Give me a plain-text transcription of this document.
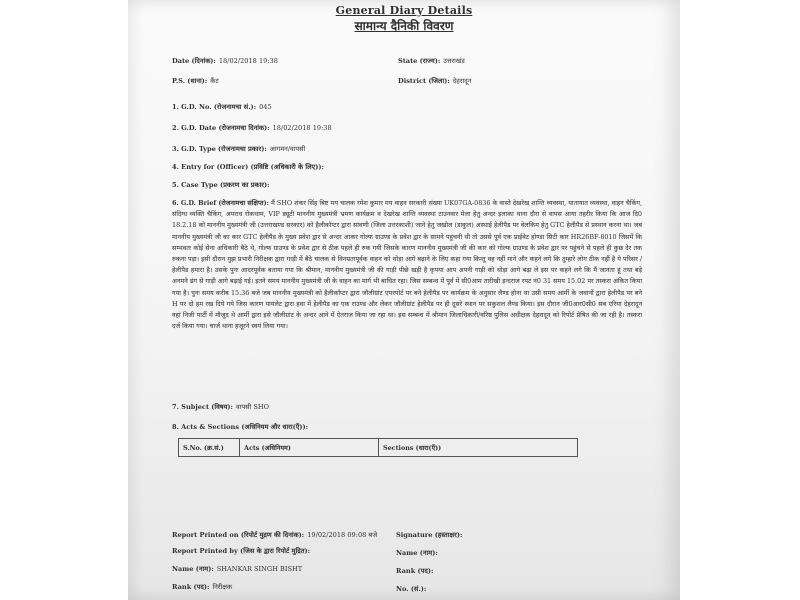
General Diary Details
सामान्य दैनिकी विवरण
Date (दिनांक): 18/02/2018 19:38	State (राज्य): उत्तराखंड
P.S. (थाना): कैंट	District (जिला): देहरादून
1. G.D. No. (रोजनामचा सं.): 045
2. G.D. Date (रोजनामचा दिनांक): 18/02/2018 19:38
3. G.D. Type (रोजनामचा प्रकार): आगमन/वापसी
4. Entry for (Officer) (प्रविष्टि (अधिकारी के लिए)):
5. Case Type (प्रकरण का प्रकार):

6. G.D. Brief (रोजनामचा संक्षिप्त): मैं SHO शंकर सिंह बिष्ट मय चालक रमेश कुमार मय वाहन सरकारी संख्या UK07GA-0836 के वास्ते देखरेख शान्ति व्यवस्था, यातायात व्यवस्था, वाहन चैकिंग, संदिग्ध व्यक्ति चैकिंग, अपराध रोकथाम, VIP ड्यूटी माननीय मुख्यमंत्री भ्रमण कार्यक्रम व देखरेख शान्ति व्यवस्था टाउनवार मेला हेतु अन्दर इलाका थाना दौरा से वापस आया तहरीर किया कि आज दि0 18.2.18 को माननीय मुख्यमंत्री जी (उत्तराखण्ड सरकार) को हैलीकॉप्टर द्वारा सांवणी (जिला उत्तरकाशी) जाने हेतु जखोल (डाकुल) अस्थाई हेलीपैड पर वेलकिम हेतु GTC हेलीपैड से प्रस्थान करना था। जब माननीय मुख्यमंत्री जी का कार GTC हेलीपैड के मुख्य प्रवेश द्वार से अन्दर आकर गोल्फ ग्राउण्ड के प्रवेश द्वार के सामने पहुंचनी थी तो उससे पूर्व एक प्राईवेट होण्डा सिटी कार HR26BF-8010 जिसमें कि सम्भवतः कोई सेना अधिकारी बैठे थे, गोल्फ ग्राउण्ड के प्रवेश द्वार से ठीक पहले ही रुक गयी जिसके कारण माननीय मुख्यमंत्री जी की कार को गोल्फ ग्राउण्ड के प्रवेश द्वार पर पहुंचने से पहले ही कुछ देर तक रुकना पड़ा। इसी दौरान मुझ प्रभारी निरीक्षक द्वारा गाड़ी में बैठे चालक से विनम्रतापूर्वक वाहन को थोड़ा आगे बढ़ाने के लिए कहा गया किन्तु वह नहीं माने और कहने लगे कि तुम्हारे लोग ठीक नहीं है ये परिसर /हेलीपैड हमारा है। उसके पुनः आदरपूर्वक बताया गया कि श्रीमान, माननीय मुख्यमंत्री जी की गाड़ी पीछे खड़ी है कृपया आप अपनी गाड़ी को थोड़ा आगे बढ़ा ले इस पर कहने लगे कि मैं जानता हूं तथा बड़े अनमने ढंग से गाड़ी आगे बढ़ाई गई। इतने समय माननीय मुख्यमंत्री जी के वाहन का मार्ग भी बाधित रहा। जिस सम्बन्ध में पूर्व में सी0आम तारीखी इन्दराज रपट नं0 31 समय 15.02 पर तस्करा अंकित किया गया है। पुनः समय करीब 15.36 बजे जब माननीय मुख्यमंत्री को हैलीकॉप्टर द्वारा जौलीग्रांट एयरपोर्ट पर बने हेलीपैड पर कार्यक्रम के अनुसार लैण्ड होना था उसी समय आर्मी के जवानों द्वारा हेलीपैड पर बने H पर दो हम रख दिये गये जिस कारण पायलेट द्वारा हवा में हेलीपैड का एक राउण्ड और लेकर जौलीग्रांट हेलीपैड पर ही दूसरे स्थान पर सकुशल लैण्ड किया। इस दौरान जी0आर0सी0 सब एरिया देहरादून वहां निजी पार्टी में मौजूद थे आर्मी द्वारा इसे जौलीग्रांट के अन्दर आने में ऐतराज किया जा रहा था। इस सम्बन्ध में श्रीमान जिलाधिकारी/वरिष्ठ पुलिस अधीक्षक देहरादून को रिपोर्ट प्रेषित की जा रही है। तस्करा दर्ज किया गया। चार्ज थाना हजूरने स्वयं लिया गया।

7. Subject (विषय): वापसी SHO
8. Acts & Sections (अधिनियम और धारा(एँ)):
S.No. (क्र.सं.)	Acts (अधिनियम)	Sections (धारा(एँ))
Report Printed on (रिपोर्ट मुद्रण की दिनांक): 19/02/2018 09:08 बजे	Signature (हस्ताक्षर):
Report Printed by (जिस के द्वारा रिपोर्ट मुद्रित):	Name (नाम):
Name (नाम): SHANKAR SINGH BISHT	Rank (पद):
Rank (पद): निरीक्षक	No. (सं.):
